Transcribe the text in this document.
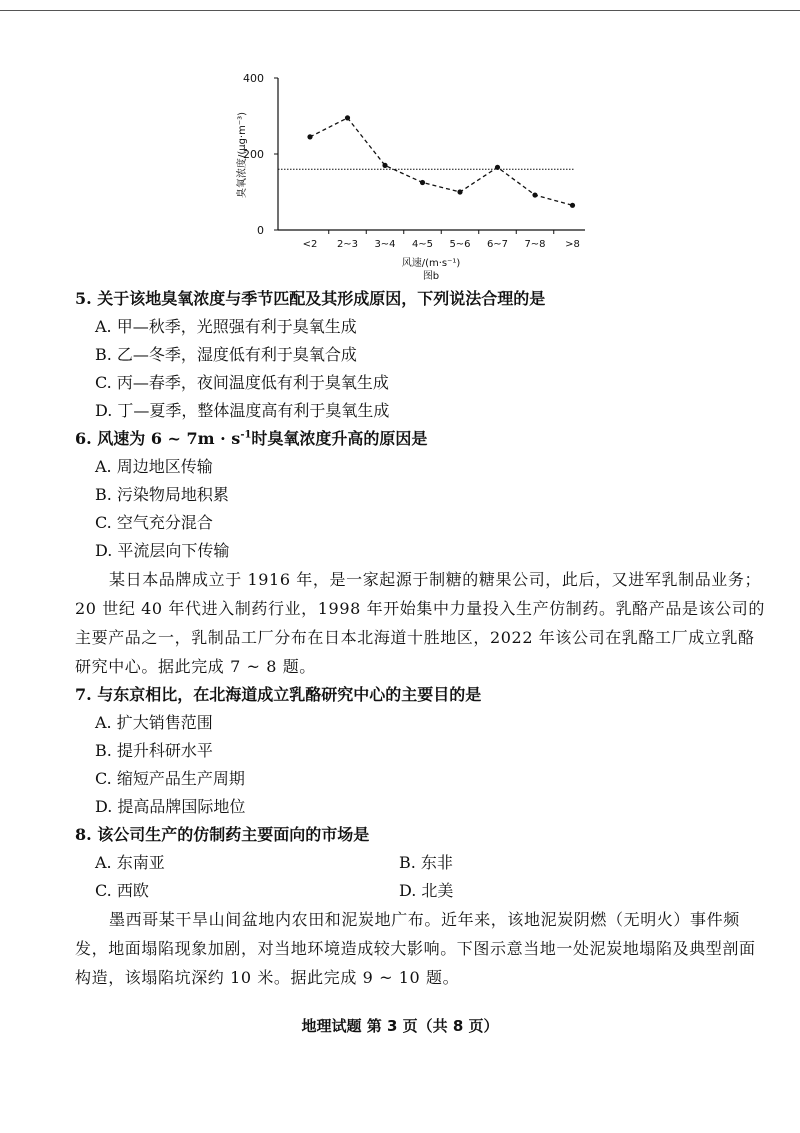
0
200
400
<2 2~3 3~4 4~5 5~6 6~7 7~8 >8
臭氧浓度/(μg·m⁻³)
风速/(m·s⁻¹)
图b
5. 关于该地臭氧浓度与季节匹配及其形成原因，下列说法合理的是
A. 甲—秋季，光照强有利于臭氧生成
B. 乙—冬季，湿度低有利于臭氧合成
C. 丙—春季，夜间温度低有利于臭氧生成
D. 丁—夏季，整体温度高有利于臭氧生成
6. 风速为 6 ~ $7m \cdot s^{-1}$时臭氧浓度升高的原因是
A. 周边地区传输
B. 污染物局地积累
C. 空气充分混合
D. 平流层向下传输

某日本品牌成立于 1916 年，是一家起源于制糖的糖果公司，此后，又进军乳制品业务；20 世纪 40 年代进入制药行业，1998 年开始集中力量投入生产仿制药。乳酪产品是该公司的主要产品之一，乳制品工厂分布在日本北海道十胜地区，2022 年该公司在乳酪工厂成立乳酪研究中心。据此完成 7 ~ 8 题。

7. 与东京相比，在北海道成立乳酪研究中心的主要目的是
A. 扩大销售范围
B. 提升科研水平
C. 缩短产品生产周期
D. 提高品牌国际地位
8. 该公司生产的仿制药主要面向的市场是
A. 东南亚	B. 东非
C. 西欧	D. 北美

墨西哥某干旱山间盆地内农田和泥炭地广布。近年来，该地泥炭阴燃（无明火）事件频发，地面塌陷现象加剧，对当地环境造成较大影响。下图示意当地一处泥炭地塌陷及典型剖面构造，该塌陷坑深约 10 米。据此完成 9 ~ 10 题。

地理试题 第 3 页（共 8 页）
